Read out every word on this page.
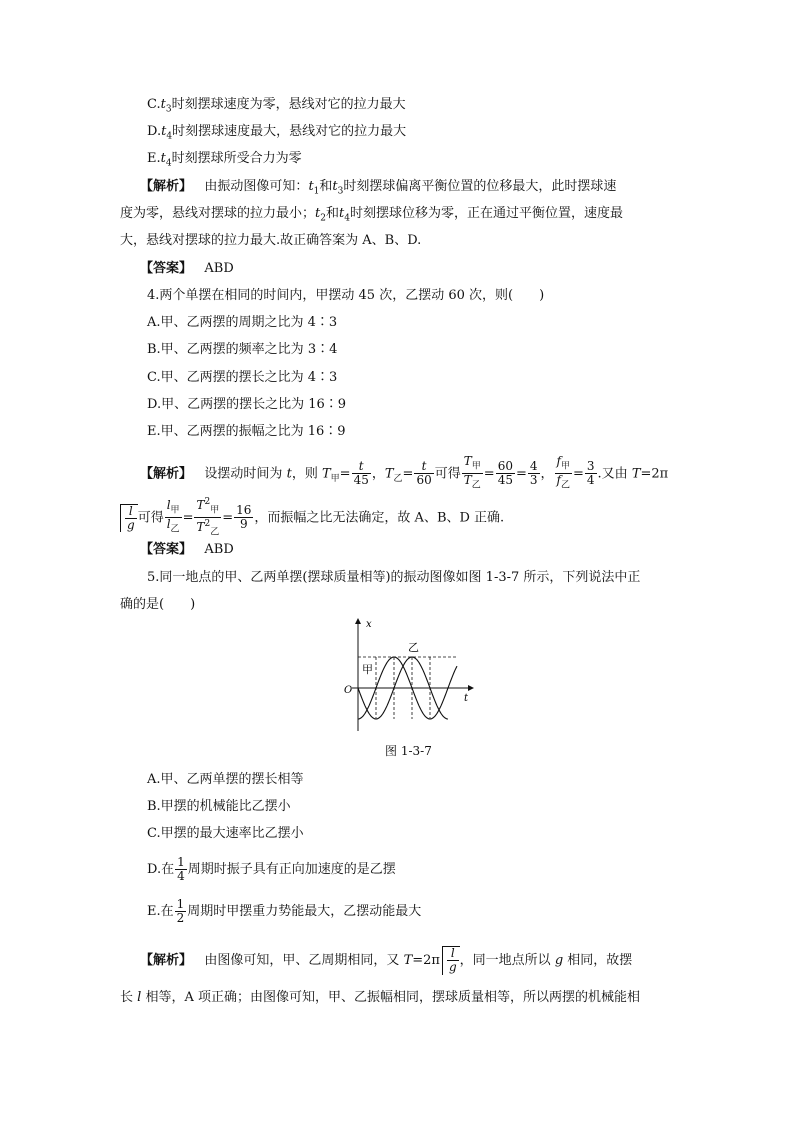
$C.t_3$时刻摆球速度为零，悬线对它的拉力最大
$D.t_4$时刻摆球速度最大，悬线对它的拉力最大
$E.t_4$时刻摆球所受合力为零
【解析】 由振动图像可知：$t_1$和$t_3$时刻摆球偏离平衡位置的位移最大，此时摆球速
度为零，悬线对摆球的拉力最小；$t_2$和$t_4$时刻摆球位移为零，正在通过平衡位置，速度最
大，悬线对摆球的拉力最大.故正确答案为 A、B、D.
【答案】 ABD
4.两个单摆在相同的时间内，甲摆动 45 次，乙摆动 60 次，则(　　)
A.甲、乙两摆的周期之比为 4∶3
B.甲、乙两摆的频率之比为 3∶4
C.甲、乙两摆的摆长之比为 4∶3
D.甲、乙两摆的摆长之比为 16∶9
E.甲、乙两摆的振幅之比为 16∶9
【解析】 设摆动时间为 t，则 $T_甲= \frac{t}{45}$ ，$T_乙= \frac{t}{60}$ 可得 $\frac{T_甲}{T_乙} = \frac{60}{45} = \frac{4}{3}$ ， $\frac{f_甲}{f_乙} = \frac{3}{4}$ .又由 T=2π
$\frac{l}{g}$ 可得 $\frac{l_甲}{l_乙} = \frac{T^2_甲}{T^2_乙} = \frac{16}{9}$ ，而振幅之比无法确定，故 A、B、D 正确.
【答案】 ABD
5.同一地点的甲、乙两单摆(摆球质量相等)的振动图像如图 1-3-7 所示，下列说法中正
确的是(　　)
x
t
O
甲
乙
图 1-3-7
A.甲、乙两单摆的摆长相等
B.甲摆的机械能比乙摆小
C.甲摆的最大速率比乙摆小
D.在 $\frac{1}{4}$ 周期时振子具有正向加速度的是乙摆
E.在 $\frac{1}{2}$ 周期时甲摆重力势能最大，乙摆动能最大
【解析】 由图像可知，甲、乙周期相同，又 $T=2\pi \frac{l}{g}$ ，同一地点所以 g 相同，故摆
长 l 相等，A 项正确；由图像可知，甲、乙振幅相同，摆球质量相等，所以两摆的机械能相
